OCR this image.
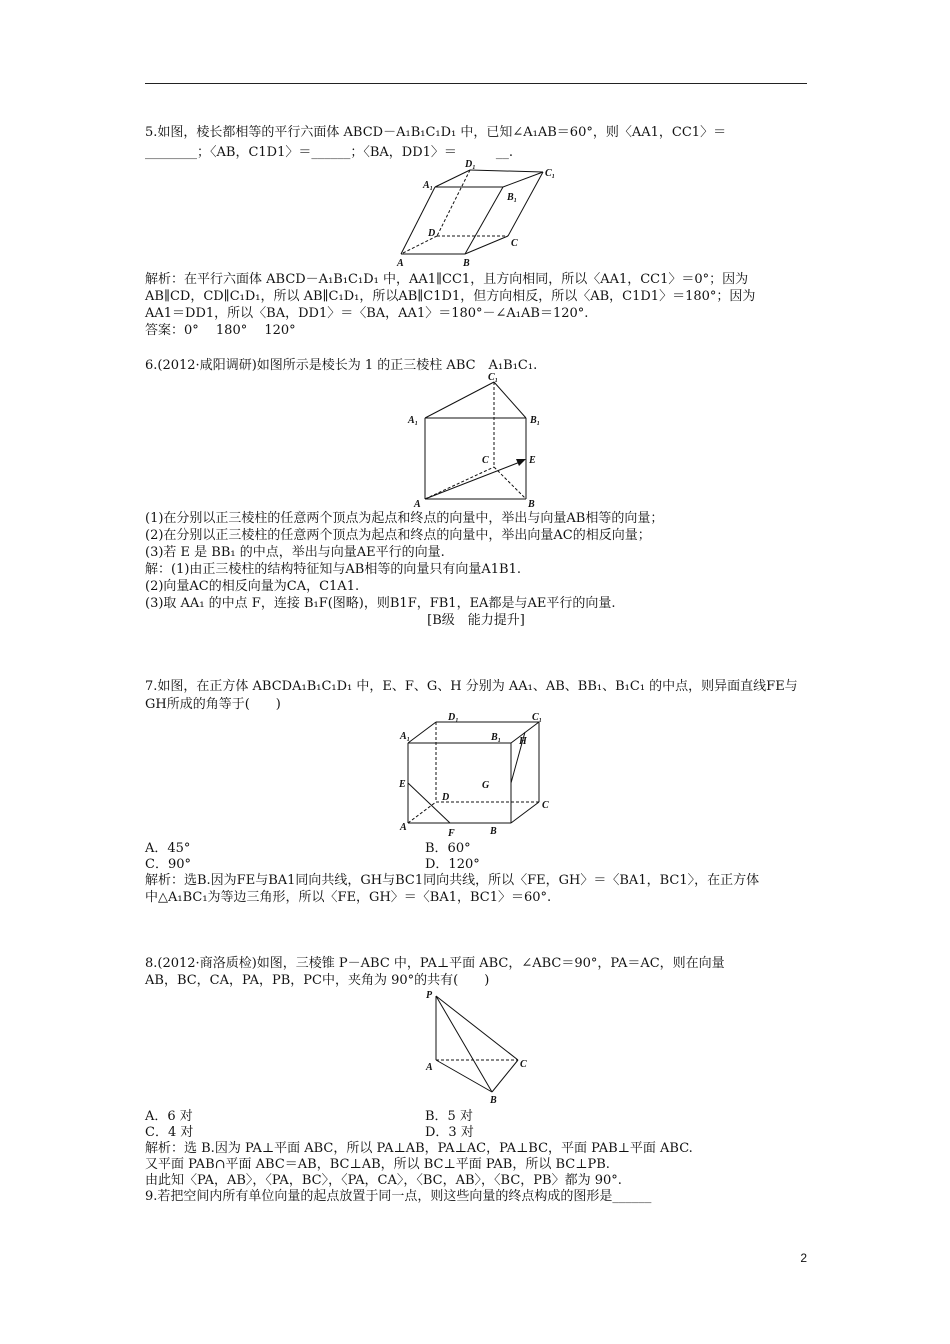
5.如图，棱长都相等的平行六面体 ABCD－A₁B₁C₁D₁ 中，已知∠A₁AB＝60°，则〈AA1，CC1〉＝
________；〈AB，C1D1〉＝______；〈BA，DD1〉＝　　　__.
D₁
C₁
A₁
B₁
D
C
A	B
解析：在平行六面体 ABCD－A₁B₁C₁D₁ 中，AA1∥CC1，且方向相同，所以〈AA1，CC1〉＝0°；因为
AB∥CD，CD∥C₁D₁，所以 AB∥C₁D₁，所以AB∥C1D1，但方向相反，所以〈AB，C1D1〉＝180°；因为
AA1＝DD1，所以〈BA，DD1〉＝〈BA，AA1〉＝180°－∠A₁AB＝120°.
答案：0°　 180°　 120°
6.(2012·咸阳调研)如图所示是棱长为 1 的正三棱柱 ABC　A₁B₁C₁.
C₁
A₁	B₁
C	E
A	B
(1)在分别以正三棱柱的任意两个顶点为起点和终点的向量中，举出与向量AB相等的向量；
(2)在分别以正三棱柱的任意两个顶点为起点和终点的向量中，举出向量AC的相反向量；
(3)若 E 是 BB₁ 的中点，举出与向量AE平行的向量.
解：(1)由正三棱柱的结构特征知与AB相等的向量只有向量A1B1.
(2)向量AC的相反向量为CA，C1A1.
(3)取 AA₁ 的中点 F，连接 B₁F(图略)，则B1F，FB1，EA都是与AE平行的向量.
[B级　能力提升]
7.如图，在正方体 ABCDA₁B₁C₁D₁ 中，E、F、G、H 分别为 AA₁、AB、BB₁、B₁C₁ 的中点，则异面直线FE与
GH所成的角等于(　　)
D₁	C₁
A₁	B₁ H
E	G
D
C
A
F	B
A．45°	B．60°
C．90°	D．120°
解析：选B.因为FE与BA1同向共线，GH与BC1同向共线，所以〈FE，GH〉＝〈BA1，BC1〉，在正方体
中△A₁BC₁为等边三角形，所以〈FE，GH〉＝〈BA1，BC1〉＝60°.
8.(2012·商洛质检)如图，三棱锥 P－ABC 中，PA⊥平面 ABC，∠ABC＝90°，PA＝AC，则在向量
AB，BC，CA，PA，PB，PC中，夹角为 90°的共有(　　)
P
C
A
B
A．6 对	B．5 对
C．4 对	D．3 对
解析：选 B.因为 PA⊥平面 ABC，所以 PA⊥AB，PA⊥AC，PA⊥BC，平面 PAB⊥平面 ABC.
又平面 PAB∩平面 ABC＝AB，BC⊥AB，所以 BC⊥平面 PAB，所以 BC⊥PB.
由此知〈PA，AB〉，〈PA，BC〉，〈PA，CA〉，〈BC，AB〉，〈BC，PB〉都为 90°.
9.若把空间内所有单位向量的起点放置于同一点，则这些向量的终点构成的图形是______
2
